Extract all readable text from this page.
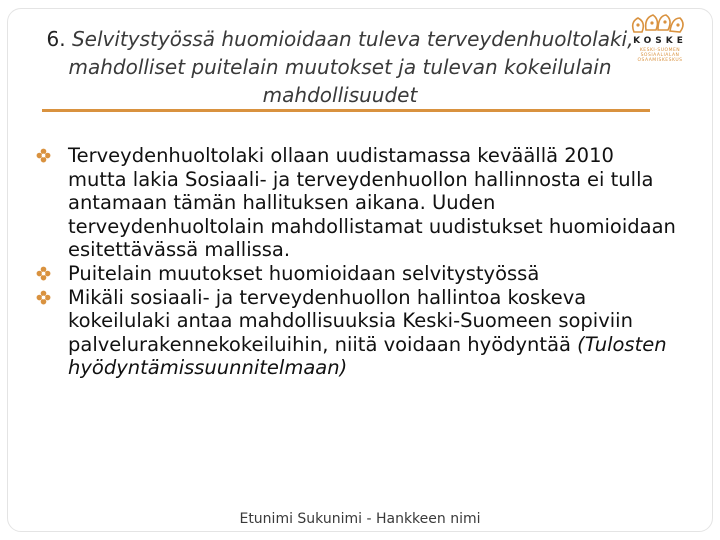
6. Selvitystyössä huomioidaan tuleva terveydenhuoltolaki, mahdolliset puitelain muutokset ja tulevan kokeilulain mahdollisuudet
KOSKE
KESKI-SUOMEN
SOSIAALIALAN
OSAAMISKESKUS
Terveydenhuoltolaki ollaan uudistamassa keväällä 2010 mutta lakia Sosiaali- ja terveydenhuollon hallinnosta ei tulla antamaan tämän hallituksen aikana. Uuden terveydenhuoltolain mahdollistamat uudistukset huomioidaan esitettävässä mallissa.
Puitelain muutokset huomioidaan selvitystyössä
Mikäli sosiaali- ja terveydenhuollon hallintoa koskeva kokeilulaki antaa mahdollisuuksia Keski-Suomeen sopiviin palvelurakennekokeiluihin, niitä voidaan hyödyntää (Tulosten hyödyntämissuunnitelmaan)
Etunimi Sukunimi - Hankkeen nimi
